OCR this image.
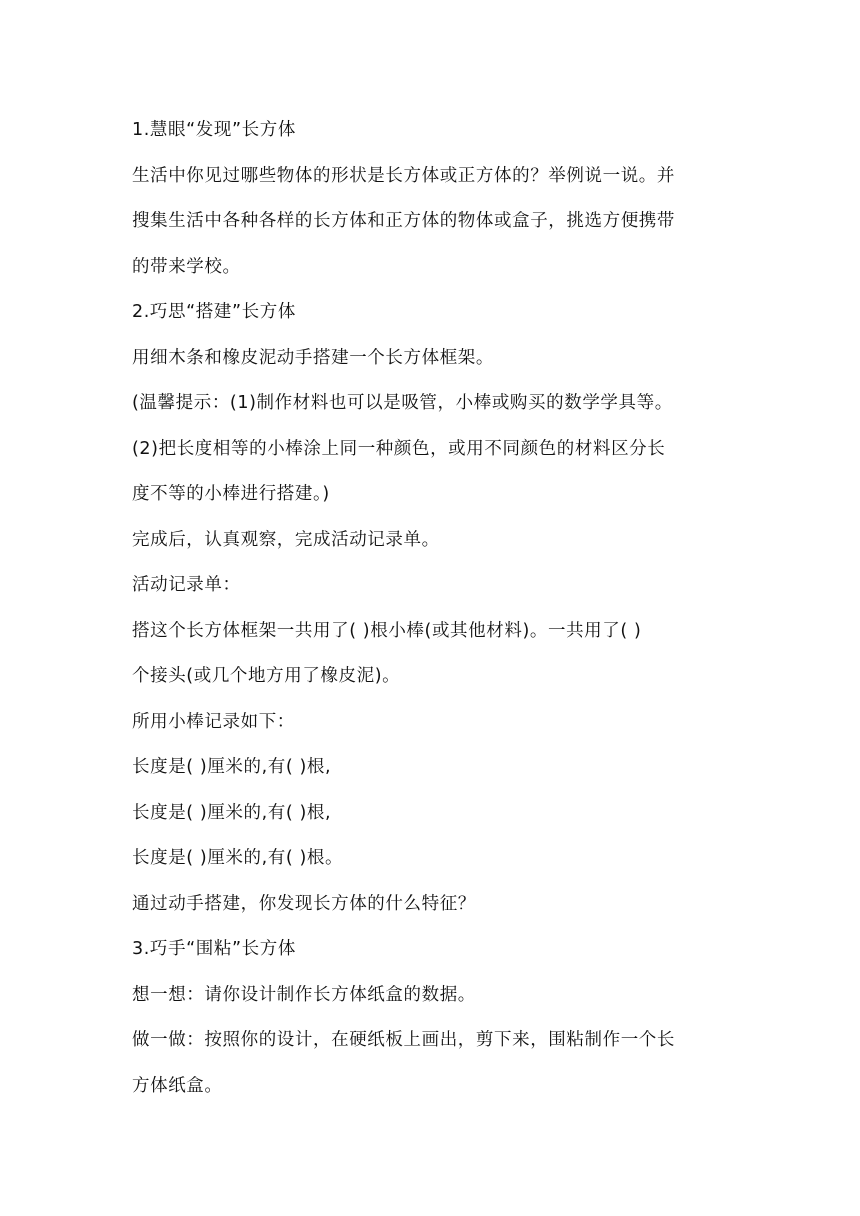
1.慧眼“发现”长方体
生活中你见过哪些物体的形状是长方体或正方体的？举例说一说。并
搜集生活中各种各样的长方体和正方体的物体或盒子，挑选方便携带
的带来学校。
2.巧思“搭建”长方体
用细木条和橡皮泥动手搭建一个长方体框架。
(温馨提示：(1)制作材料也可以是吸管，小棒或购买的数学学具等。
(2)把长度相等的小棒涂上同一种颜色，或用不同颜色的材料区分长
度不等的小棒进行搭建。)
完成后，认真观察，完成活动记录单。
活动记录单：
搭这个长方体框架一共用了( )根小棒(或其他材料)。一共用了( )
个接头(或几个地方用了橡皮泥)。
所用小棒记录如下：
长度是( )厘米的,有( )根,
长度是( )厘米的,有( )根,
长度是( )厘米的,有( )根。
通过动手搭建，你发现长方体的什么特征？
3.巧手“围粘”长方体
想一想：请你设计制作长方体纸盒的数据。
做一做：按照你的设计，在硬纸板上画出，剪下来，围粘制作一个长
方体纸盒。
